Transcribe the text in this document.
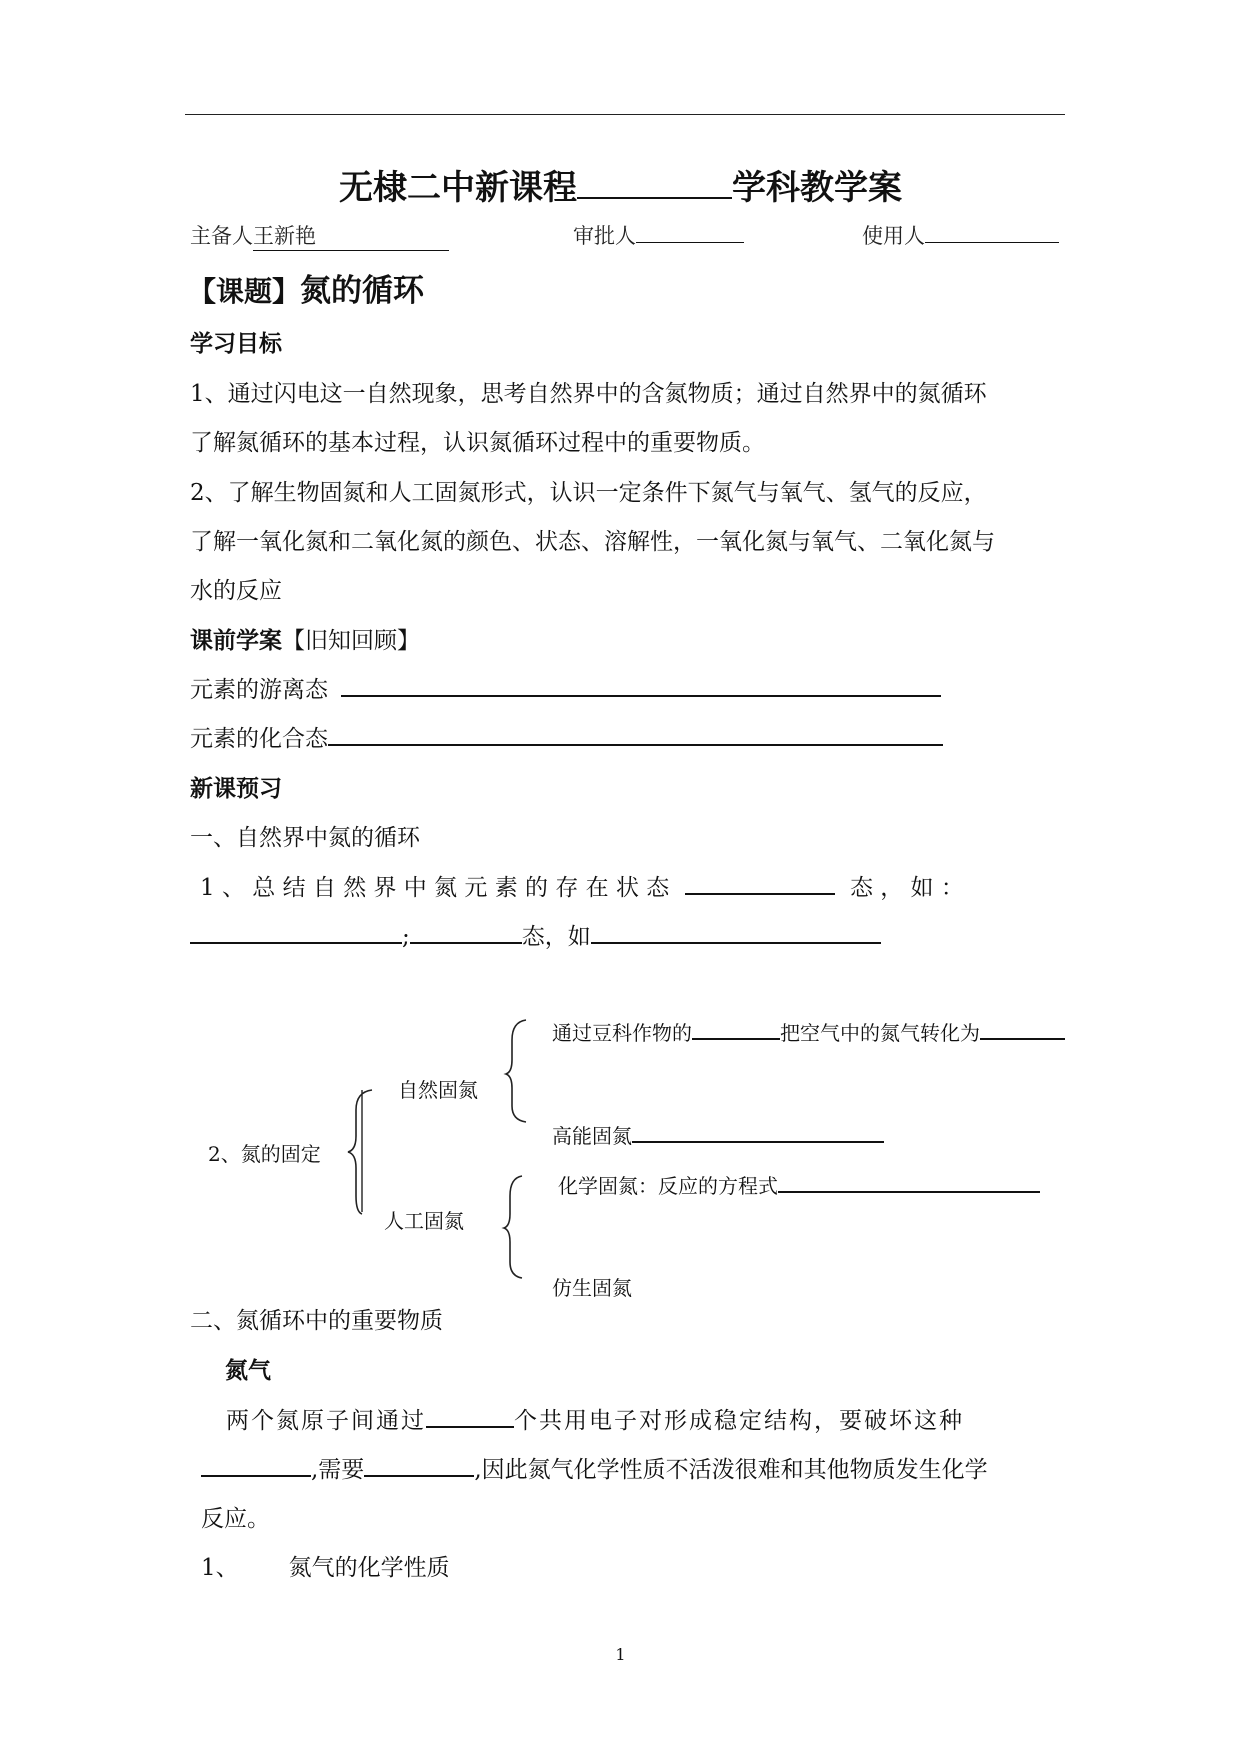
无棣二中新课程	学科教学案
主备人王新艳	审批人	使用人
【课题】氮的循环
学习目标
1、通过闪电这一自然现象，思考自然界中的含氮物质；通过自然界中的氮循环
了解氮循环的基本过程，认识氮循环过程中的重要物质。
2、了解生物固氮和人工固氮形式，认识一定条件下氮气与氧气、氢气的反应，
了解一氧化氮和二氧化氮的颜色、状态、溶解性，一氧化氮与氧气、二氧化氮与
水的反应
课前学案【旧知回顾】
元素的游离态
元素的化合态
新课预习
一、自然界中氮的循环
1 、 总 结 自 然 界 中 氮 元 素 的 存 在 状 态	态 ， 如 ：
;	态，如
2、氮的固定
自然固氮
人工固氮
通过豆科作物的	把空气中的氮气转化为
高能固氮
化学固氮：反应的方程式
仿生固氮
二、氮循环中的重要物质
氮气
两个氮原子间通过	个共用电子对形成稳定结构，要破坏这种
,需要	,因此氮气化学性质不活泼很难和其他物质发生化学
反应。
1、 氮气的化学性质
1
